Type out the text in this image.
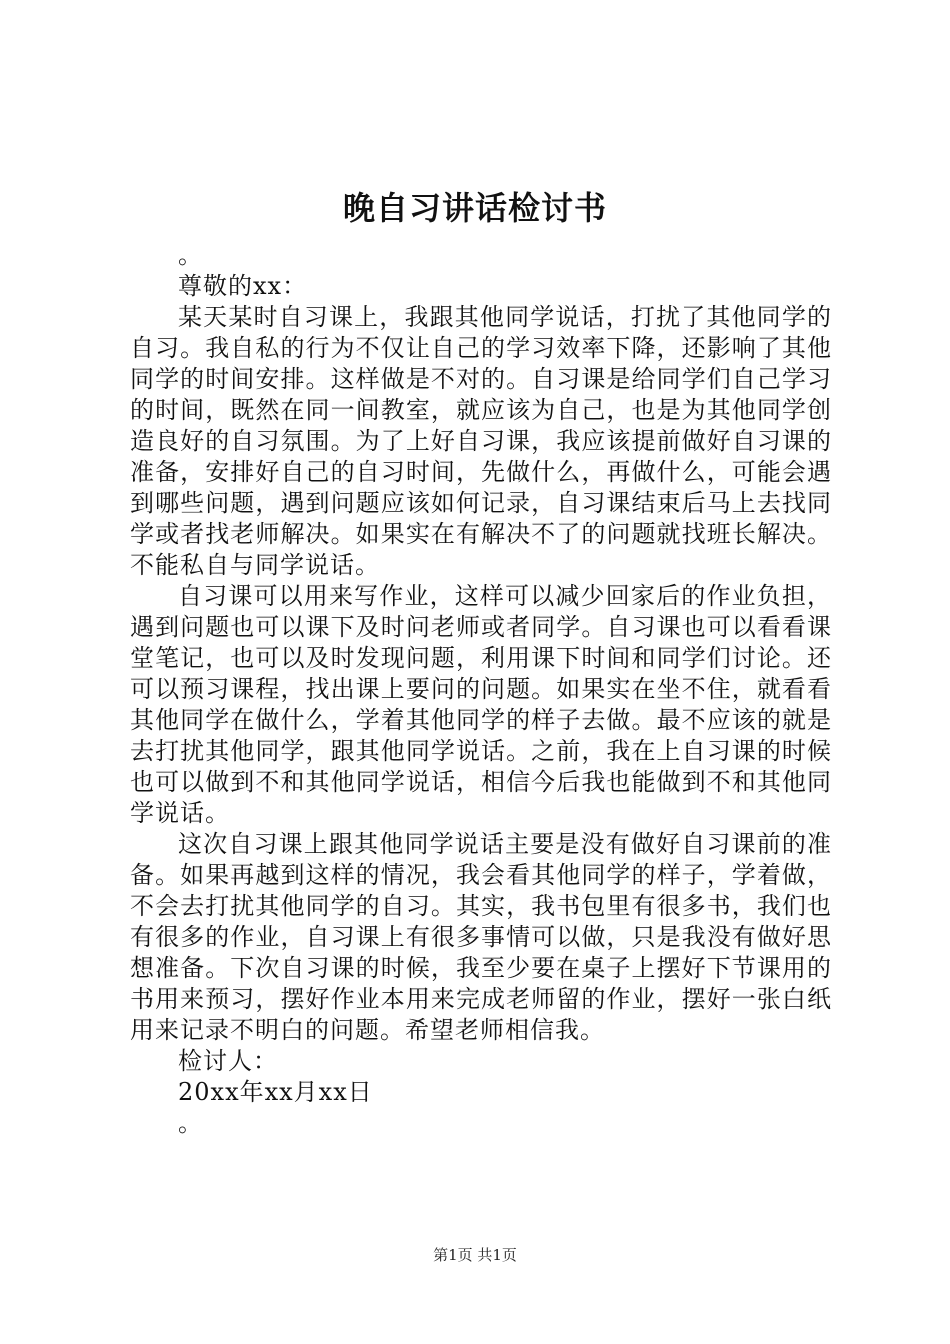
晚自习讲话检讨书
。
尊敬的xx：

某天某时自习课上，我跟其他同学说话，打扰了其他同学的自习。我自私的行为不仅让自己的学习效率下降，还影响了其他同学的时间安排。这样做是不对的。自习课是给同学们自己学习的时间，既然在同一间教室，就应该为自己，也是为其他同学创造良好的自习氛围。为了上好自习课，我应该提前做好自习课的准备，安排好自己的自习时间，先做什么，再做什么，可能会遇到哪些问题，遇到问题应该如何记录，自习课结束后马上去找同学或者找老师解决。如果实在有解决不了的问题就找班长解决。不能私自与同学说话。

自习课可以用来写作业，这样可以减少回家后的作业负担，遇到问题也可以课下及时问老师或者同学。自习课也可以看看课堂笔记，也可以及时发现问题，利用课下时间和同学们讨论。还可以预习课程，找出课上要问的问题。如果实在坐不住，就看看其他同学在做什么，学着其他同学的样子去做。最不应该的就是去打扰其他同学，跟其他同学说话。之前，我在上自习课的时候也可以做到不和其他同学说话，相信今后我也能做到不和其他同学说话。

这次自习课上跟其他同学说话主要是没有做好自习课前的准备。如果再越到这样的情况，我会看其他同学的样子，学着做，不会去打扰其他同学的自习。其实，我书包里有很多书，我们也有很多的作业，自习课上有很多事情可以做，只是我没有做好思想准备。下次自习课的时候，我至少要在桌子上摆好下节课用的书用来预习，摆好作业本用来完成老师留的作业，摆好一张白纸用来记录不明白的问题。希望老师相信我。

检讨人：
20xx年xx月xx日
。
第1页 共1页
